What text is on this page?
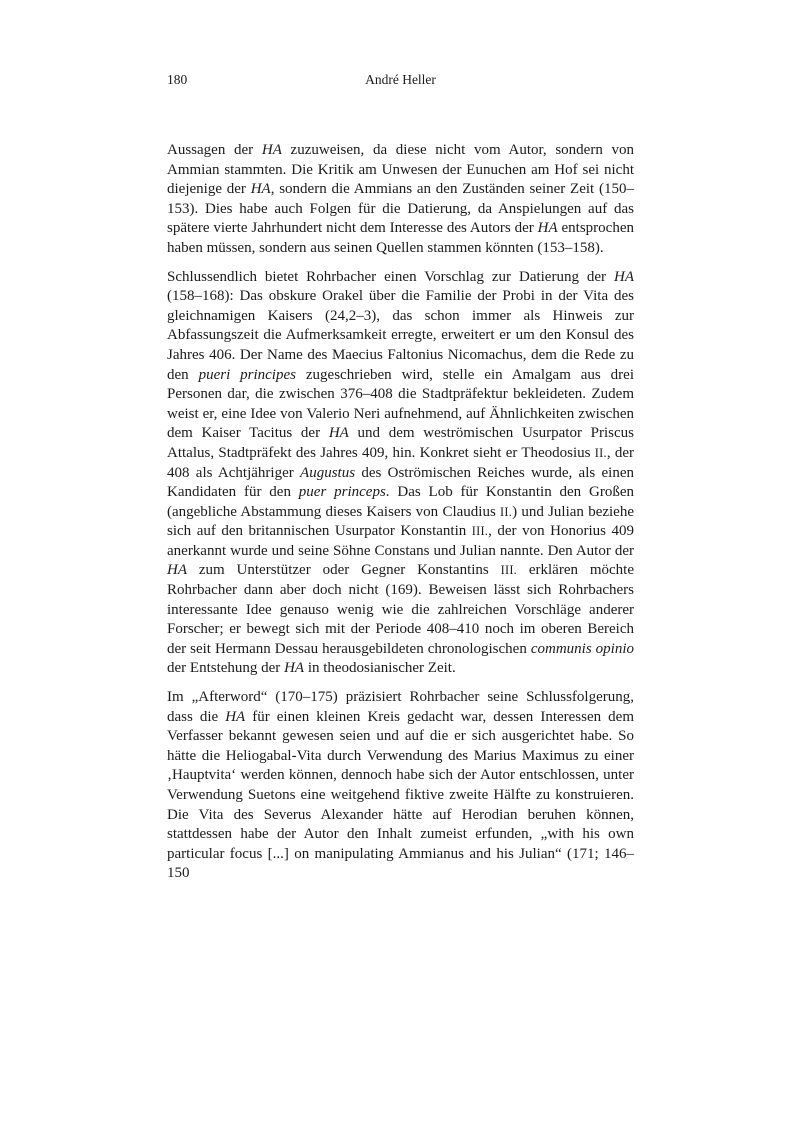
180	André Heller

Aussagen der HA zuzuweisen, da diese nicht vom Autor, sondern von Ammian stammten. Die Kritik am Unwesen der Eunuchen am Hof sei nicht diejenige der HA, sondern die Ammians an den Zuständen seiner Zeit (150–153). Dies habe auch Folgen für die Datierung, da Anspielungen auf das spätere vierte Jahrhundert nicht dem Interesse des Autors der HA entsprochen haben müssen, sondern aus seinen Quellen stammen könnten (153–158).

Schlussendlich bietet Rohrbacher einen Vorschlag zur Datierung der HA (158–168): Das obskure Orakel über die Familie der Probi in der Vita des gleichnamigen Kaisers (24,2–3), das schon immer als Hinweis zur Abfassungszeit die Aufmerksamkeit erregte, erweitert er um den Konsul des Jahres 406. Der Name des Maecius Faltonius Nicomachus, dem die Rede zu den pueri principes zugeschrieben wird, stelle ein Amalgam aus drei Personen dar, die zwischen 376–408 die Stadtpräfektur bekleideten. Zudem weist er, eine Idee von Valerio Neri aufnehmend, auf Ähnlichkeiten zwischen dem Kaiser Tacitus der HA und dem weströmischen Usurpator Priscus Attalus, Stadtpräfekt des Jahres 409, hin. Konkret sieht er Theodosius II., der 408 als Achtjähriger Augustus des Oströmischen Reiches wurde, als einen Kandidaten für den puer princeps. Das Lob für Konstantin den Großen (angebliche Abstammung dieses Kaisers von Claudius II.) und Julian beziehe sich auf den britannischen Usurpator Konstantin III., der von Honorius 409 anerkannt wurde und seine Söhne Constans und Julian nannte. Den Autor der HA zum Unterstützer oder Gegner Konstantins III. erklären möchte Rohrbacher dann aber doch nicht (169). Beweisen lässt sich Rohrbachers interessante Idee genauso wenig wie die zahlreichen Vorschläge anderer Forscher; er bewegt sich mit der Periode 408–410 noch im oberen Bereich der seit Hermann Dessau herausgebildeten chronologischen communis opinio der Entstehung der HA in theodosianischer Zeit.

Im „Afterword“ (170–175) präzisiert Rohrbacher seine Schlussfolgerung, dass die HA für einen kleinen Kreis gedacht war, dessen Interessen dem Verfasser bekannt gewesen seien und auf die er sich ausgerichtet habe. So hätte die Heliogabal-Vita durch Verwendung des Marius Maximus zu einer ‚Hauptvita‘ werden können, dennoch habe sich der Autor entschlossen, unter Verwendung Suetons eine weitgehend fiktive zweite Hälfte zu konstruieren. Die Vita des Severus Alexander hätte auf Herodian beruhen können, stattdessen habe der Autor den Inhalt zumeist erfunden, „with his own particular focus [...] on manipulating Ammianus and his Julian“ (171; 146–150
